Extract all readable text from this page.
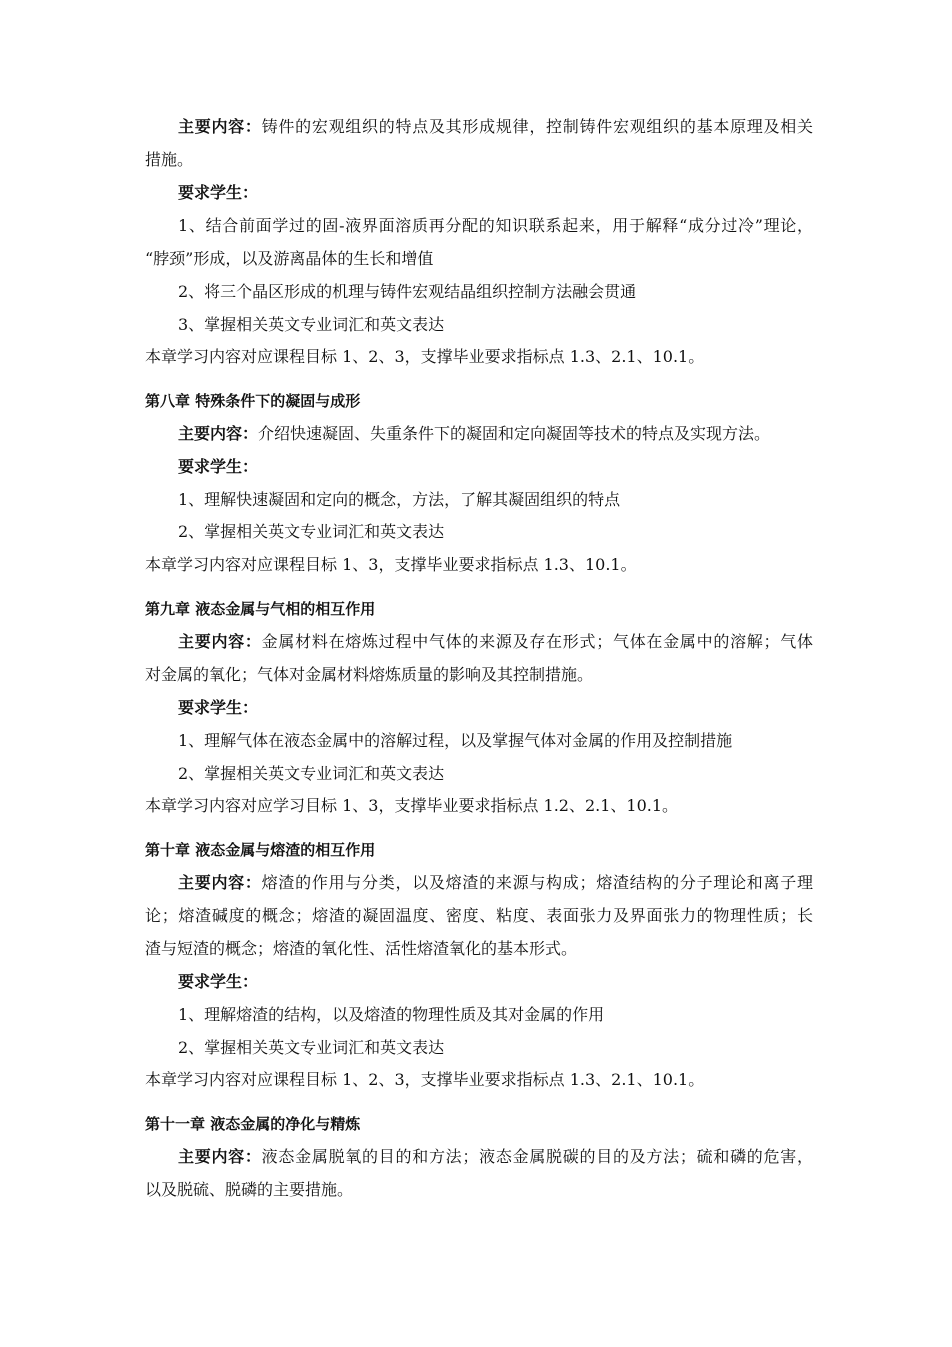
主要内容：铸件的宏观组织的特点及其形成规律，控制铸件宏观组织的基本原理及相关
措施。
要求学生：
1、结合前面学过的固-液界面溶质再分配的知识联系起来，用于解释“成分过冷”理论，
“脖颈”形成，以及游离晶体的生长和增值
2、将三个晶区形成的机理与铸件宏观结晶组织控制方法融会贯通
3、掌握相关英文专业词汇和英文表达
本章学习内容对应课程目标 1、2、3，支撑毕业要求指标点 1.3、2.1、10.1。
第八章 特殊条件下的凝固与成形
主要内容：介绍快速凝固、失重条件下的凝固和定向凝固等技术的特点及实现方法。
要求学生：
1、理解快速凝固和定向的概念，方法，了解其凝固组织的特点
2、掌握相关英文专业词汇和英文表达
本章学习内容对应课程目标 1、3，支撑毕业要求指标点 1.3、10.1。
第九章 液态金属与气相的相互作用
主要内容：金属材料在熔炼过程中气体的来源及存在形式；气体在金属中的溶解；气体
对金属的氧化；气体对金属材料熔炼质量的影响及其控制措施。
要求学生：
1、理解气体在液态金属中的溶解过程，以及掌握气体对金属的作用及控制措施
2、掌握相关英文专业词汇和英文表达
本章学习内容对应学习目标 1、3，支撑毕业要求指标点 1.2、2.1、10.1。
第十章 液态金属与熔渣的相互作用
主要内容：熔渣的作用与分类，以及熔渣的来源与构成；熔渣结构的分子理论和离子理
论；熔渣碱度的概念；熔渣的凝固温度、密度、粘度、表面张力及界面张力的物理性质；长
渣与短渣的概念；熔渣的氧化性、活性熔渣氧化的基本形式。
要求学生：
1、理解熔渣的结构，以及熔渣的物理性质及其对金属的作用
2、掌握相关英文专业词汇和英文表达
本章学习内容对应课程目标 1、2、3，支撑毕业要求指标点 1.3、2.1、10.1。
第十一章 液态金属的净化与精炼
主要内容：液态金属脱氧的目的和方法；液态金属脱碳的目的及方法；硫和磷的危害，
以及脱硫、脱磷的主要措施。
